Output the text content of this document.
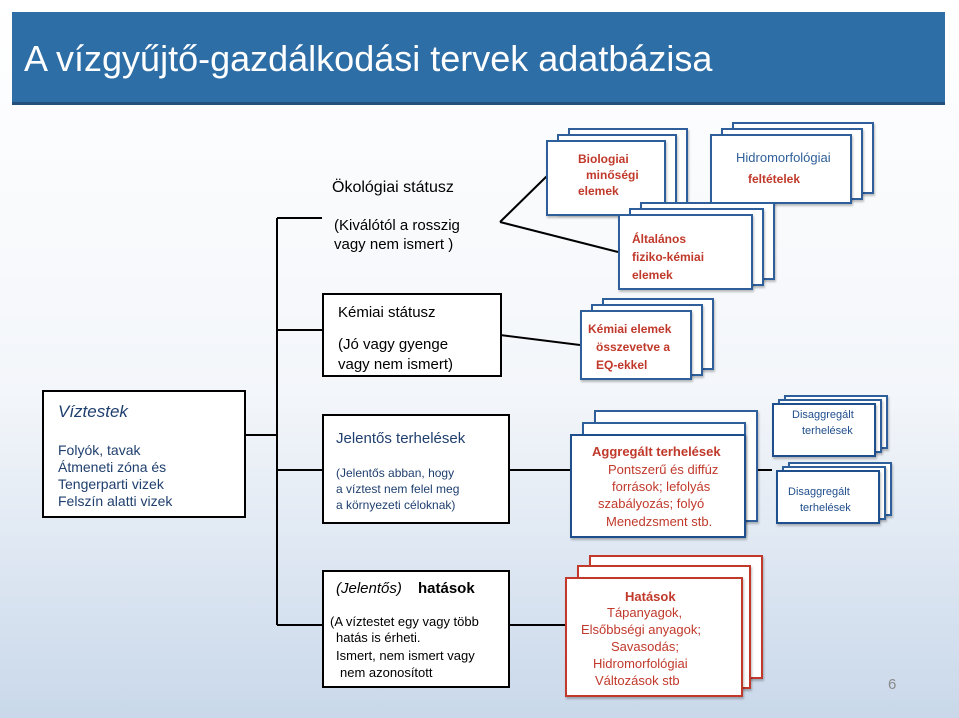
A vízgyűjtő-gazdálkodási tervek adatbázisa
Ökológiai státusz
(Kiválótól a rosszig
vagy nem ismert )
Kémiai státusz
(Jó vagy gyenge
vagy nem ismert)
Víztestek
Folyók, tavak
Átmeneti zóna és
Tengerparti vizek
Felszín alatti vizek
Jelentős terhelések
(Jelentős abban, hogy
a víztest nem felel meg
a környezeti céloknak)
(Jelentős) hatások
(A víztestet egy vagy több
hatás is érheti.
Ismert, nem ismert vagy
nem azonosított
Biologiai
minőségi
elemek
Hidromorfológiai
feltételek
Általános
fiziko-kémiai
elemek
Kémiai elemek
összevetve a
EQ-ekkel
Aggregált terhelések
Pontszerű és diffúz
források; lefolyás
szabályozás; folyó
Menedzsment stb.
Disaggregált
terhelések
Disaggregált
terhelések
Hatások
Tápanyagok,
Elsőbbségi anyagok;
Savasodás;
Hidromorfológiai
Változások stb	6
